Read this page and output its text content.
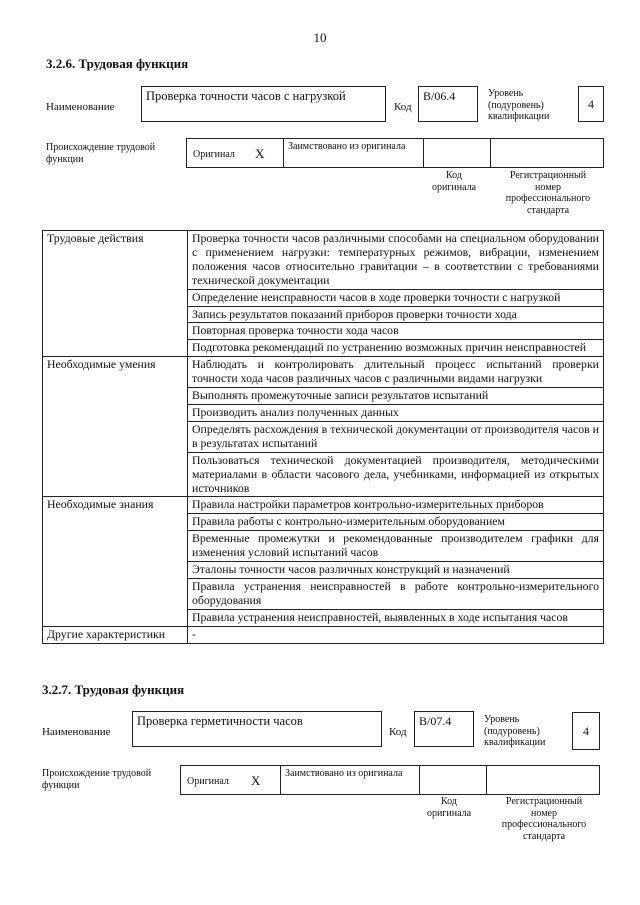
10
3.2.6. Трудовая функция
Наименование
Проверка точности часов с нагрузкой
Код
B/06.4	Уровень (подуровень) квалификации
4
Происхождение трудовой функции	Оригинал X Заимствовано из оригинала
Код оригинала
Регистрационный номер профессионального стандарта
Трудовые действия	Проверка точности часов различными способами на специальном оборудовании с применением нагрузки: температурных режимов, вибрации, изменением положения часов относительно гравитации – в соответствии с требованиями технической документации
	Определение неисправности часов в ходе проверки точности с нагрузкой
	Запись результатов показаний приборов проверки точности хода
	Повторная проверка точности хода часов
	Подготовка рекомендаций по устранению возможных причин неисправностей
Необходимые умения	Наблюдать и контролировать длительный процесс испытаний проверки точности хода часов различных часов с различными видами нагрузки
	Выполнять промежуточные записи результатов испытаний
	Производить анализ полученных данных
	Определять расхождения в технической документации от производителя часов и в результатах испытаний
	Пользоваться технической документацией производителя, методическими материалами в области часового дела, учебниками, информацией из открытых источников
Необходимые знания	Правила настройки параметров контрольно-измерительных приборов
	Правила работы с контрольно-измерительным оборудованием
	Временные промежутки и рекомендованные производителем графики для изменения условий испытаний часов
	Эталоны точности часов различных конструкций и назначений
	Правила устранения неисправностей в работе контрольно-измерительного оборудования
	Правила устранения неисправностей, выявленных в ходе испытания часов
Другие характеристики	-
3.2.7. Трудовая функция
Наименование
Проверка герметичности часов
Код
B/07.4	Уровень (подуровень) квалификации
4
Происхождение трудовой функции	Оригинал X Заимствовано из оригинала
Код оригинала
Регистрационный номер профессионального стандарта
